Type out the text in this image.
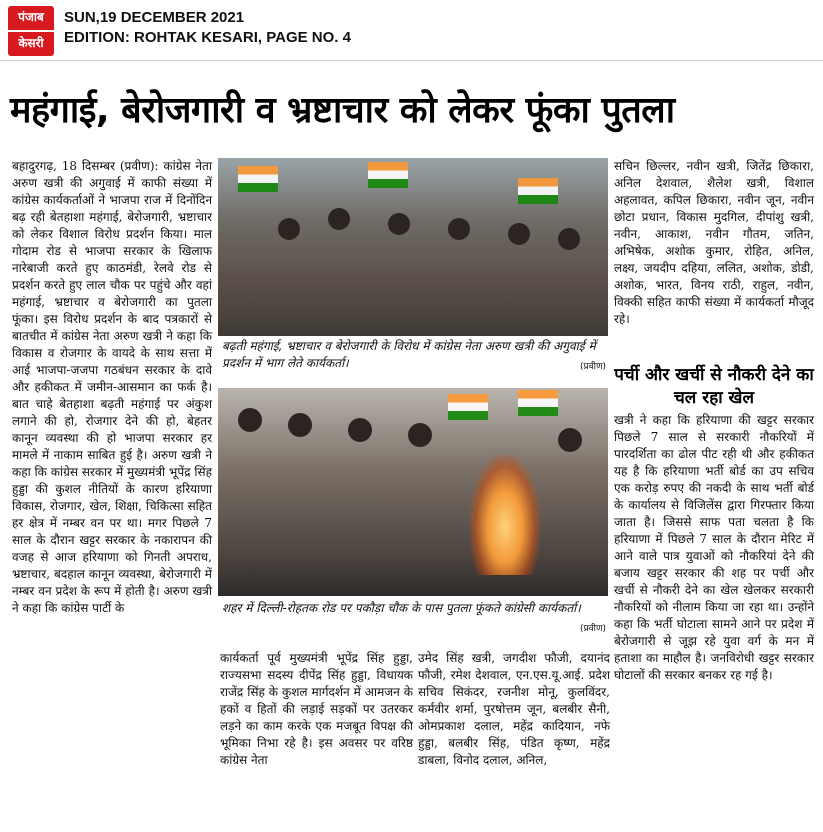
पंजाब
केसरी
SUN,19 DECEMBER 2021
EDITION: ROHTAK KESARI, PAGE NO. 4
महंगाई, बेरोजगारी व भ्रष्टाचार को लेकर फूंका पुतला
बहादुरगढ़, 18 दिसम्बर (प्रवीण): कांग्रेस नेता अरुण खत्री की अगुवाई में काफी संख्या में कांग्रेस कार्यकर्ताओं ने भाजपा राज में दिनोंदिन बढ़ रही बेतहाशा महंगाई, बेरोजगारी, भ्रष्टाचार को लेकर विशाल विरोध प्रदर्शन किया। माल गोदाम रोड से भाजपा सरकार के खिलाफ नारेबाजी करते हुए काठमंडी, रेलवे रोड से प्रदर्शन करते हुए लाल चौक पर पहुंचे और वहां महंगाई, भ्रष्टाचार व बेरोजगारी का पुतला फूंका। इस विरोध प्रदर्शन के बाद पत्रकारों से बातचीत में कांग्रेस नेता अरुण खत्री ने कहा कि विकास व रोजगार के वायदे के साथ सत्ता में आई भाजपा-जजपा गठबंधन सरकार के दावे और हकीकत में जमीन-आसमान का फर्क है। बात चाहे बेतहाशा बढ़ती महंगाई पर अंकुश लगाने की हो, रोजगार देने की हो, बेहतर कानून व्यवस्था की हो भाजपा सरकार हर मामले में नाकाम साबित हुई है। अरुण खत्री ने कहा कि कांग्रेस सरकार में मुख्यमंत्री भूपेंद्र सिंह हुड्डा की कुशल नीतियों के कारण हरियाणा विकास, रोजगार, खेल, शिक्षा, चिकित्सा सहित हर क्षेत्र में नम्बर वन पर था। मगर पिछले 7 साल के दौरान खट्टर सरकार के नकारापन की वजह से आज हरियाणा को गिनती अपराध, भ्रष्टाचार, बदहाल कानून व्यवस्था, बेरोजगारी में नम्बर वन प्रदेश के रूप में होती है। अरुण खत्री ने कहा कि कांग्रेस पार्टी के
बढ़ती महंगाई, भ्रष्टाचार व बेरोजगारी के विरोध में कांग्रेस नेता अरुण खत्री की अगुवाई में प्रदर्शन में भाग लेते कार्यकर्ता।	(प्रवीण)
शहर में दिल्ली-रोहतक रोड पर पकौड़ा चौक के पास पुतला फूंकते कांग्रेसी कार्यकर्ता।
(प्रवीण)
कार्यकर्ता पूर्व मुख्यमंत्री भूपेंद्र सिंह हुड्डा, राज्यसभा सदस्य दीपेंद्र सिंह हुड्डा, विधायक राजेंद्र सिंह के कुशल मार्गदर्शन में आमजन के हकों व हितों की लड़ाई सड़कों पर उतरकर लड़ने का काम करके एक मजबूत विपक्ष की भूमिका निभा रहे है। इस अवसर पर वरिष्ठ कांग्रेस नेता
उमेद सिंह खत्री, जगदीश फौजी, दयानंद फौजी, रमेश देशवाल, एन.एस.यू.आई. प्रदेश सचिव सिकंदर, रजनीश मोनू, कुलविंदर, कर्मवीर शर्मा, पुरषोत्तम जून, बलबीर सैनी, ओमप्रकाश दलाल, महेंद्र कादियान, नफे हुड्डा, बलबीर सिंह, पंडित कृष्ण, महेंद्र डाबला, विनोद दलाल, अनिल,
सचिन छिल्लर, नवीन खत्री, जितेंद्र छिकारा, अनिल देशवाल, शैलेश खत्री, विशाल अहलावत, कपिल छिकारा, नवीन जून, नवीन छोटा प्रधान, विकास मुदगिल, दीपांशु खत्री, नवीन, आकाश, नवीन गौतम, जतिन, अभिषेक, अशोक कुमार, रोहित, अनिल, लक्ष्य, जयदीप दहिया, ललित, अशोक, डोडी, अशोक, भारत, विनय राठी, राहुल, नवीन, विक्की सहित काफी संख्या में कार्यकर्ता मौजूद रहे।
पर्ची और खर्ची से नौकरी देने का चल रहा खेल
खत्री ने कहा कि हरियाणा की खट्टर सरकार पिछले 7 साल से सरकारी नौकरियों में पारदर्शिता का ढोल पीट रही थी और हकीकत यह है कि हरियाणा भर्ती बोर्ड का उप सचिव एक करोड़ रुपए की नकदी के साथ भर्ती बोर्ड के कार्यालय से विजिलेंस द्वारा गिरफ्तार किया जाता है। जिससे साफ पता चलता है कि हरियाणा में पिछले 7 साल के दौरान मेरिट में आने वाले पात्र युवाओं को नौकरियां देने की बजाय खट्टर सरकार की शह पर पर्ची और खर्ची से नौकरी देने का खेल खेलकर सरकारी नौकरियों को नीलाम किया जा रहा था। उन्होंने कहा कि भर्ती घोटाला सामने आने पर प्रदेश में बेरोजगारी से जूझ रहे युवा वर्ग के मन में हताशा का माहौल है। जनविरोधी खट्टर सरकार घोटालों की सरकार बनकर रह गई है।
